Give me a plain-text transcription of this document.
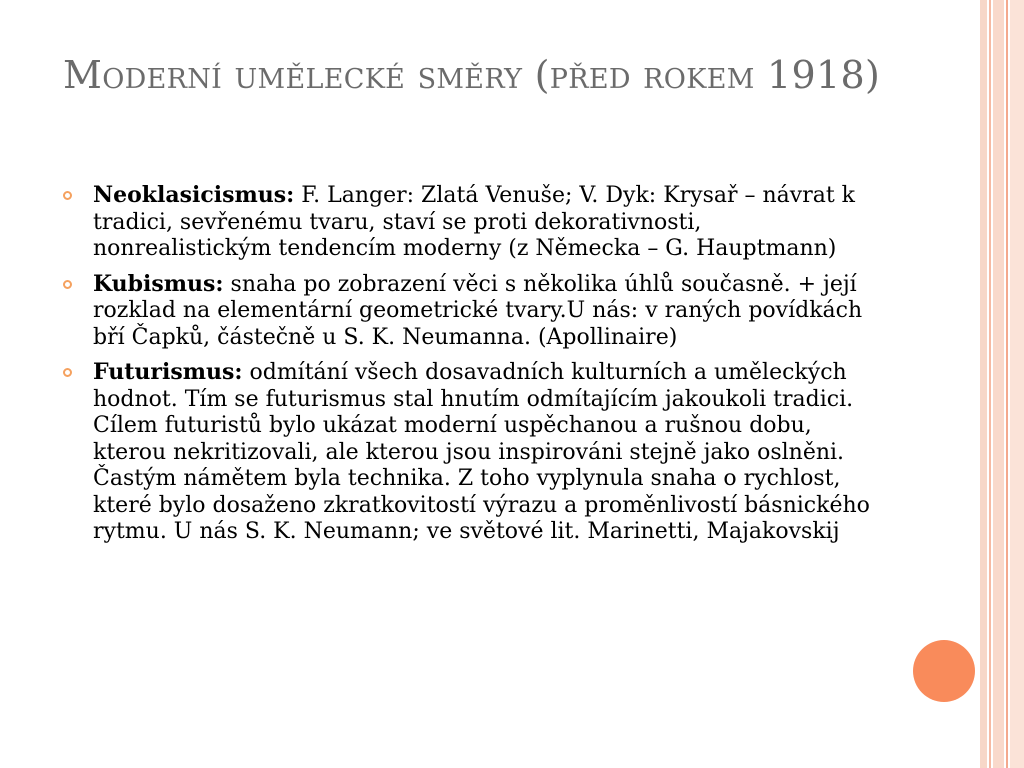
Moderní umělecké směry (před rokem 1918)
Neoklasicismus: F. Langer: Zlatá Venuše; V. Dyk: Krysař – návrat k tradici, sevřenému tvaru, staví se proti dekorativnosti, nonrealistickým tendencím moderny (z Německa – G. Hauptmann)
Kubismus: snaha po zobrazení věci s několika úhlů současně. + její rozklad na elementární geometrické tvary.U nás: v raných povídkách bří Čapků, částečně u S. K. Neumanna. (Apollinaire)
Futurismus: odmítání všech dosavadních kulturních a uměleckých hodnot. Tím se futurismus stal hnutím odmítajícím jakoukoli tradici. Cílem futuristů bylo ukázat moderní uspěchanou a rušnou dobu, kterou nekritizovali, ale kterou jsou inspirováni stejně jako oslněni. Častým námětem byla technika. Z toho vyplynula snaha o rychlost, které bylo dosaženo zkratkovitostí výrazu a proměnlivostí básnického rytmu. U nás S. K. Neumann; ve světové lit. Marinetti, Majakovskij
